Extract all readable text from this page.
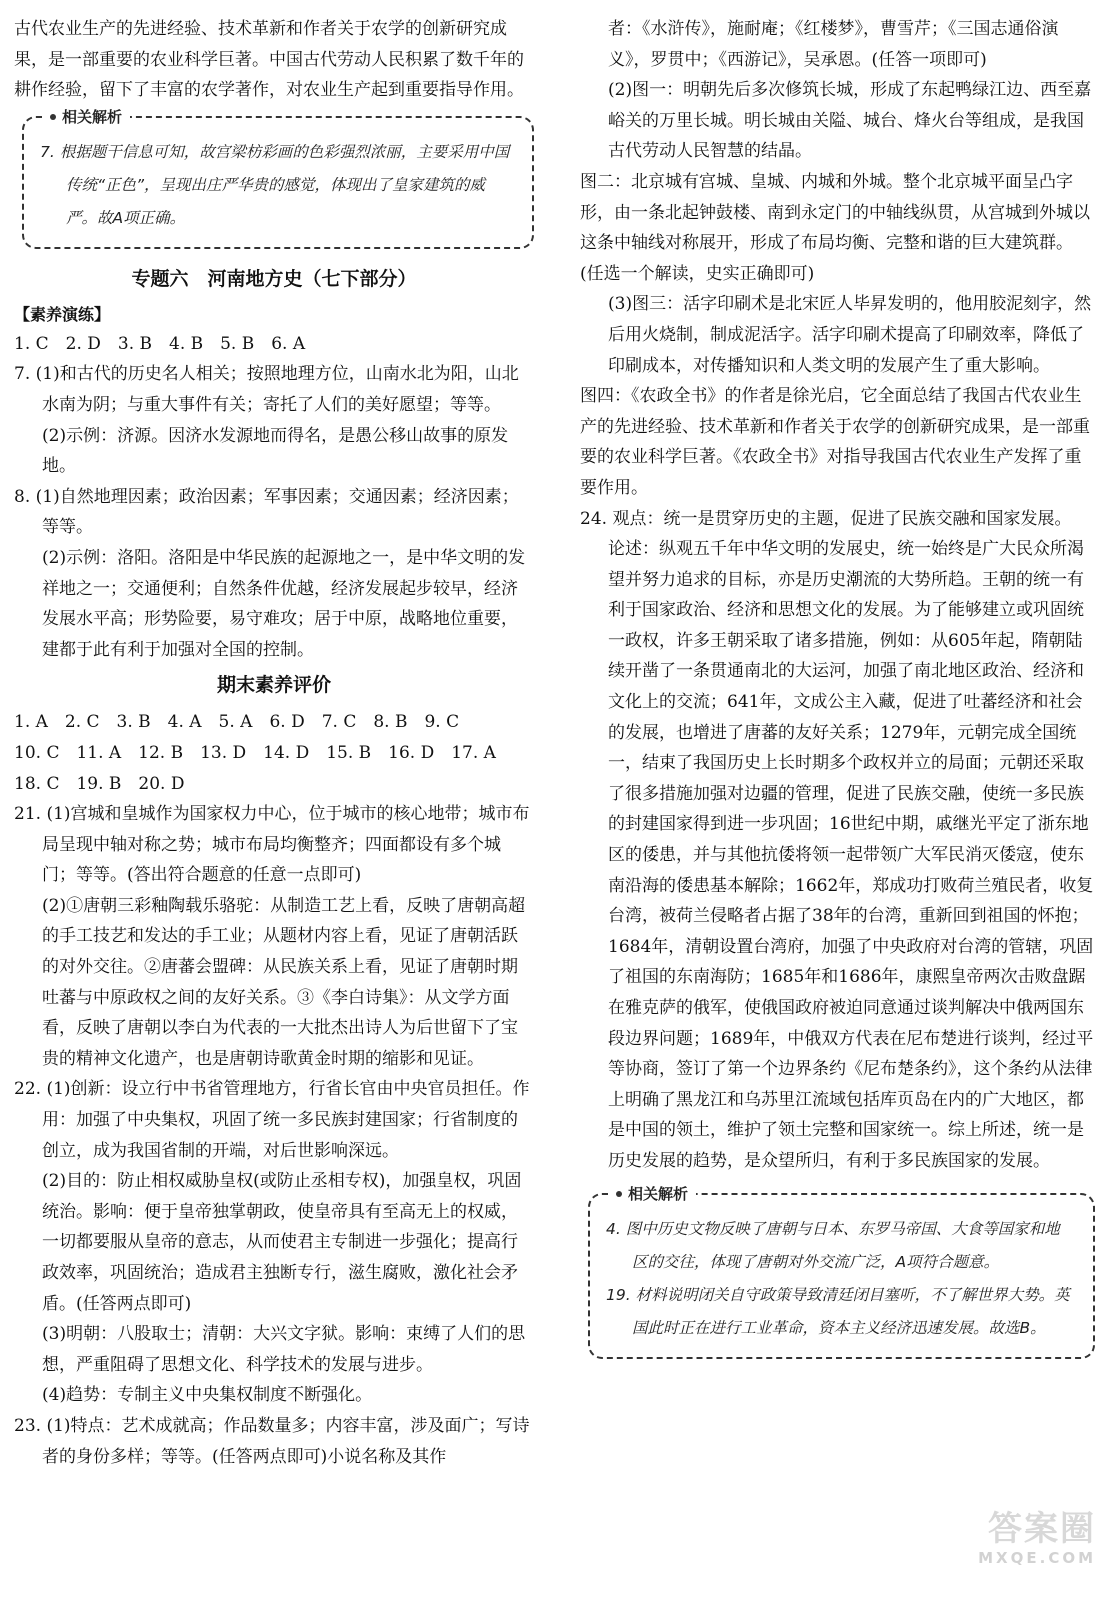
古代农业生产的先进经验、技术革新和作者关于农学的创新研究成果，是一部重要的农业科学巨著。中国古代劳动人民积累了数千年的耕作经验，留下了丰富的农学著作，对农业生产起到重要指导作用。

相关解析

7. 根据题干信息可知，故宫梁枋彩画的色彩强烈浓丽，主要采用中国传统“正色”，呈现出庄严华贵的感觉，体现出了皇家建筑的威严。故A项正确。

专题六　河南地方史（七下部分）
【素养演练】

1. C　2. D　3. B　4. B　5. B　6. A

7. (1)和古代的历史名人相关；按照地理方位，山南水北为阳，山北水南为阴；与重大事件有关；寄托了人们的美好愿望；等等。

(2)示例：济源。因济水发源地而得名，是愚公移山故事的原发地。

8. (1)自然地理因素；政治因素；军事因素；交通因素；经济因素；等等。

(2)示例：洛阳。洛阳是中华民族的起源地之一，是中华文明的发祥地之一；交通便利；自然条件优越，经济发展起步较早，经济发展水平高；形势险要，易守难攻；居于中原，战略地位重要，建都于此有利于加强对全国的控制。

期末素养评价

1. A　2. C　3. B　4. A　5. A　6. D　7. C　8. B　9. C

10. C　11. A　12. B　13. D　14. D　15. B　16. D　17. A

18. C　19. B　20. D

21. (1)宫城和皇城作为国家权力中心，位于城市的核心地带；城市布局呈现中轴对称之势；城市布局均衡整齐；四面都设有多个城门；等等。(答出符合题意的任意一点即可)

(2)①唐朝三彩釉陶载乐骆驼：从制造工艺上看，反映了唐朝高超的手工技艺和发达的手工业；从题材内容上看，见证了唐朝活跃的对外交往。②唐蕃会盟碑：从民族关系上看，见证了唐朝时期吐蕃与中原政权之间的友好关系。③《李白诗集》：从文学方面看，反映了唐朝以李白为代表的一大批杰出诗人为后世留下了宝贵的精神文化遗产，也是唐朝诗歌黄金时期的缩影和见证。

22. (1)创新：设立行中书省管理地方，行省长官由中央官员担任。作用：加强了中央集权，巩固了统一多民族封建国家；行省制度的创立，成为我国省制的开端，对后世影响深远。

(2)目的：防止相权威胁皇权(或防止丞相专权)，加强皇权，巩固统治。影响：便于皇帝独掌朝政，使皇帝具有至高无上的权威，一切都要服从皇帝的意志，从而使君主专制进一步强化；提高行政效率，巩固统治；造成君主独断专行，滋生腐败，激化社会矛盾。(任答两点即可)

(3)明朝：八股取士；清朝：大兴文字狱。影响：束缚了人们的思想，严重阻碍了思想文化、科学技术的发展与进步。

(4)趋势：专制主义中央集权制度不断强化。

23. (1)特点：艺术成就高；作品数量多；内容丰富，涉及面广；写诗者的身份多样；等等。(任答两点即可)小说名称及其作

者：《水浒传》，施耐庵；《红楼梦》，曹雪芹；《三国志通俗演义》，罗贯中；《西游记》，吴承恩。(任答一项即可)

(2)图一：明朝先后多次修筑长城，形成了东起鸭绿江边、西至嘉峪关的万里长城。明长城由关隘、城台、烽火台等组成，是我国古代劳动人民智慧的结晶。

图二：北京城有宫城、皇城、内城和外城。整个北京城平面呈凸字形，由一条北起钟鼓楼、南到永定门的中轴线纵贯，从宫城到外城以这条中轴线对称展开，形成了布局均衡、完整和谐的巨大建筑群。(任选一个解读，史实正确即可)

(3)图三：活字印刷术是北宋匠人毕昇发明的，他用胶泥刻字，然后用火烧制，制成泥活字。活字印刷术提高了印刷效率，降低了印刷成本，对传播知识和人类文明的发展产生了重大影响。

图四：《农政全书》的作者是徐光启，它全面总结了我国古代农业生产的先进经验、技术革新和作者关于农学的创新研究成果，是一部重要的农业科学巨著。《农政全书》对指导我国古代农业生产发挥了重要作用。

24. 观点：统一是贯穿历史的主题，促进了民族交融和国家发展。

论述：纵观五千年中华文明的发展史，统一始终是广大民众所渴望并努力追求的目标，亦是历史潮流的大势所趋。王朝的统一有利于国家政治、经济和思想文化的发展。为了能够建立或巩固统一政权，许多王朝采取了诸多措施，例如：从605年起，隋朝陆续开凿了一条贯通南北的大运河，加强了南北地区政治、经济和文化上的交流；641年，文成公主入藏，促进了吐蕃经济和社会的发展，也增进了唐蕃的友好关系；1279年，元朝完成全国统一，结束了我国历史上长时期多个政权并立的局面；元朝还采取了很多措施加强对边疆的管理，促进了民族交融，使统一多民族的封建国家得到进一步巩固；16世纪中期，戚继光平定了浙东地区的倭患，并与其他抗倭将领一起带领广大军民消灭倭寇，使东南沿海的倭患基本解除；1662年，郑成功打败荷兰殖民者，收复台湾，被荷兰侵略者占据了38年的台湾，重新回到祖国的怀抱；1684年，清朝设置台湾府，加强了中央政府对台湾的管辖，巩固了祖国的东南海防；1685年和1686年，康熙皇帝两次击败盘踞在雅克萨的俄军，使俄国政府被迫同意通过谈判解决中俄两国东段边界问题；1689年，中俄双方代表在尼布楚进行谈判，经过平等协商，签订了第一个边界条约《尼布楚条约》，这个条约从法律上明确了黑龙江和乌苏里江流域包括库页岛在内的广大地区，都是中国的领土，维护了领土完整和国家统一。综上所述，统一是历史发展的趋势，是众望所归，有利于多民族国家的发展。

相关解析

4. 图中历史文物反映了唐朝与日本、东罗马帝国、大食等国家和地区的交往，体现了唐朝对外交流广泛，A项符合题意。

19. 材料说明闭关自守政策导致清廷闭目塞听，不了解世界大势。英国此时正在进行工业革命，资本主义经济迅速发展。故选B。

答案圈
MXQE.COM
